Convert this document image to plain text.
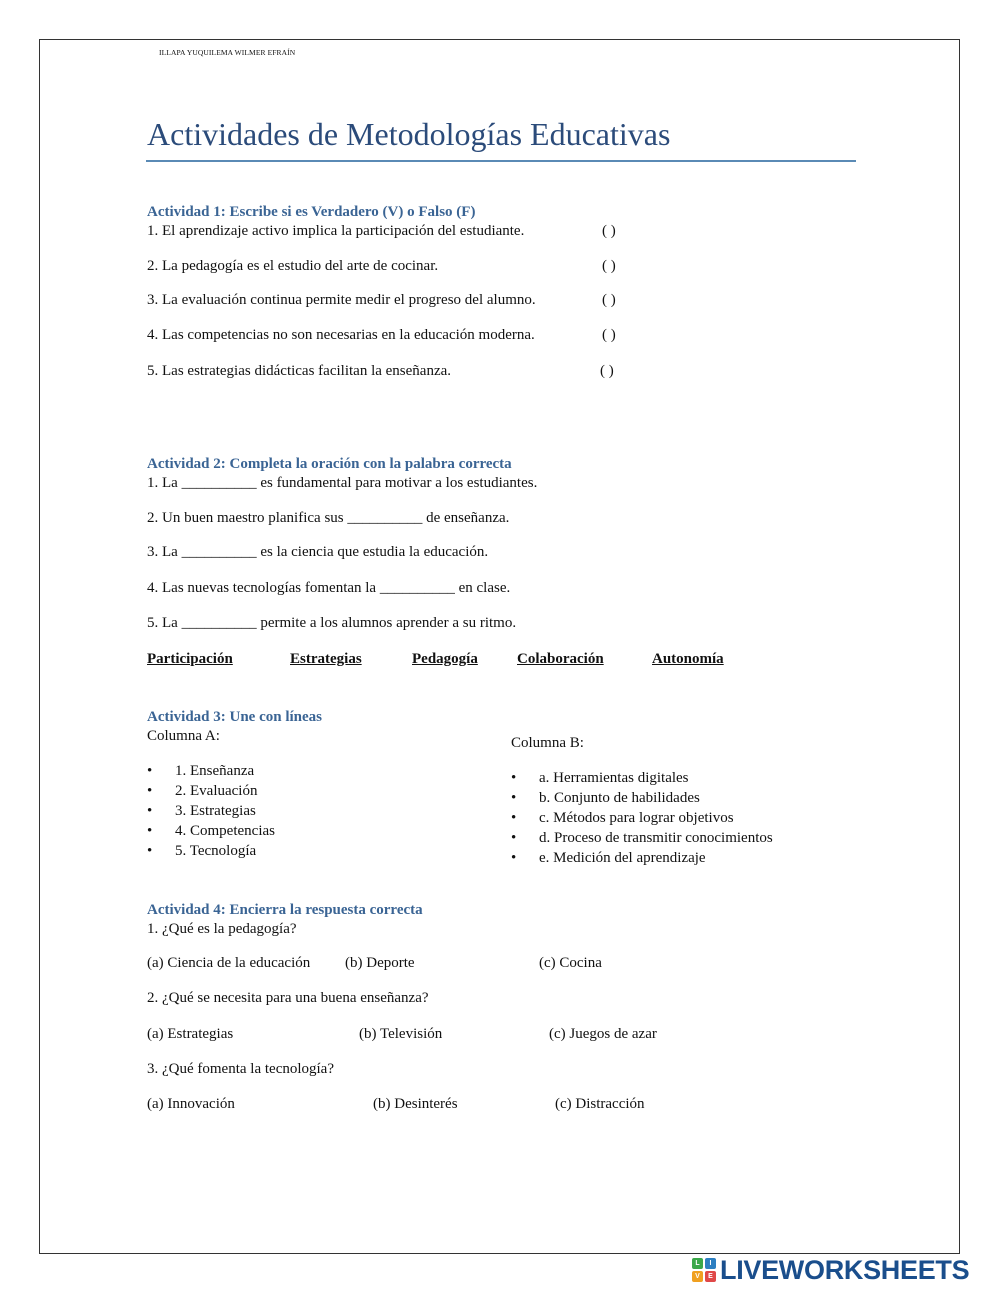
ILLAPA YUQUILEMA WILMER EFRAÍN
Actividades de Metodologías Educativas
Actividad 1: Escribe si es Verdadero (V) o Falso (F)
1. El aprendizaje activo implica la participación del estudiante.	( )
2. La pedagogía es el estudio del arte de cocinar.	( )
3. La evaluación continua permite medir el progreso del alumno.	( )
4. Las competencias no son necesarias en la educación moderna.	( )
5. Las estrategias didácticas facilitan la enseñanza.	( )
Actividad 2: Completa la oración con la palabra correcta
1. La __________ es fundamental para motivar a los estudiantes.
2. Un buen maestro planifica sus __________ de enseñanza.
3. La __________ es la ciencia que estudia la educación.
4. Las nuevas tecnologías fomentan la __________ en clase.
5. La __________ permite a los alumnos aprender a su ritmo.
Participación	Estrategias	Pedagogía	Colaboración	Autonomía
Actividad 3: Une con líneas
Columna A:	Columna B:
• 1. Enseñanza
• 2. Evaluación
• 3. Estrategias
• 4. Competencias
• 5. Tecnología
• a. Herramientas digitales
• b. Conjunto de habilidades
• c. Métodos para lograr objetivos
• d. Proceso de transmitir conocimientos
• e. Medición del aprendizaje
Actividad 4: Encierra la respuesta correcta
1. ¿Qué es la pedagogía?
(a) Ciencia de la educación (b) Deporte	(c) Cocina
2. ¿Qué se necesita para una buena enseñanza?
(a) Estrategias	(b) Televisión	(c) Juegos de azar
3. ¿Qué fomenta la tecnología?
(a) Innovación	(b) Desinterés	(c) Distracción
L	I
V	E LIVEWORKSHEETS
